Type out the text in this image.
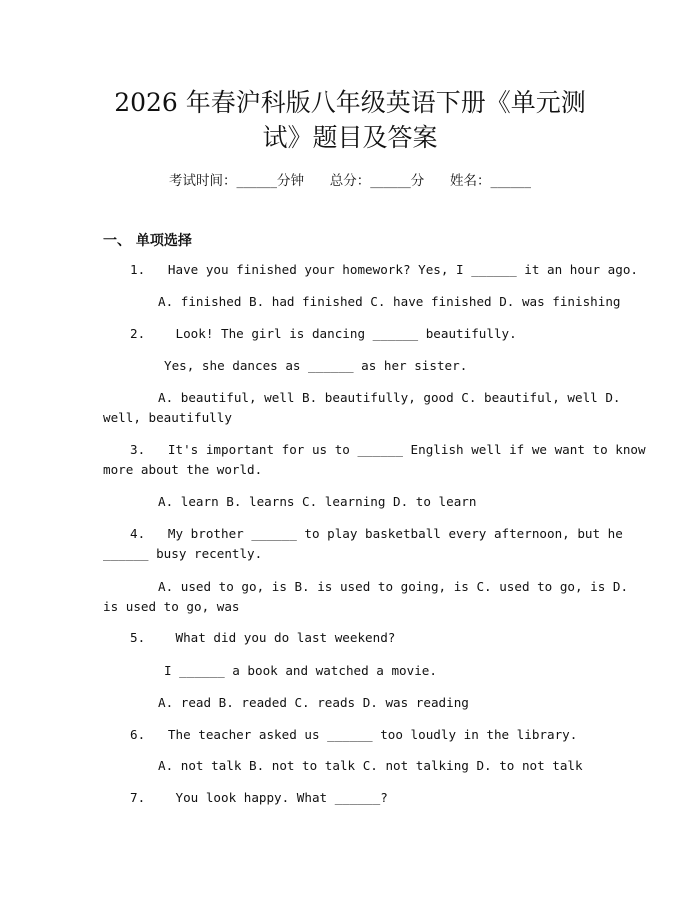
2026 年春沪科版八年级英语下册《单元测
试》题目及答案
考试时间：______分钟      总分：______分      姓名：______
一、 单项选择
1.   Have you finished your homework? Yes, I ______ it an hour ago.
A. finished B. had finished C. have finished D. was finishing
2.    Look! The girl is dancing ______ beautifully.
Yes, she dances as ______ as her sister.
A. beautiful, well B. beautifully, good C. beautiful, well D.
well, beautifully
3.   It's important for us to ______ English well if we want to know
more about the world.
A. learn B. learns C. learning D. to learn
4.   My brother ______ to play basketball every afternoon, but he
______ busy recently.
A. used to go, is B. is used to going, is C. used to go, is D.
is used to go, was
5.    What did you do last weekend?
I ______ a book and watched a movie.
A. read B. readed C. reads D. was reading
6.   The teacher asked us ______ too loudly in the library.
A. not talk B. not to talk C. not talking D. to not talk
7.    You look happy. What ______?
